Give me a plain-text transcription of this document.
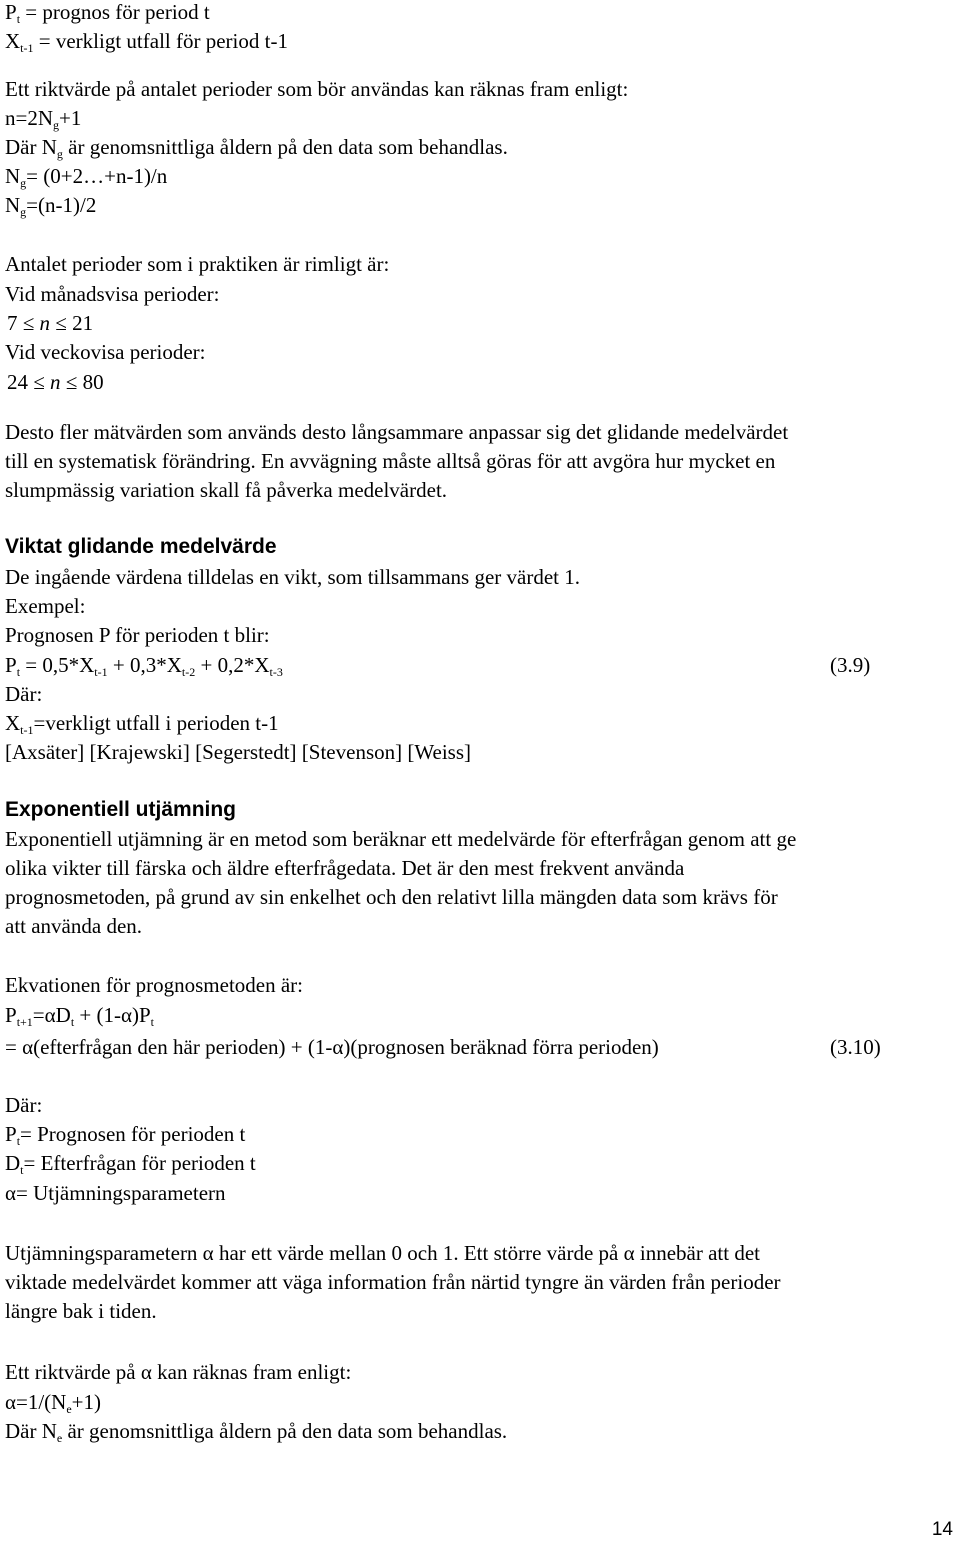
$P_t$ = prognos för period t
$X_{t-1}$ = verkligt utfall för period t-1
Ett riktvärde på antalet perioder som bör användas kan räknas fram enligt:
$n=2N_g+1$
Där $N_g$ är genomsnittliga åldern på den data som behandlas.
$N_g=$ (0+2…+n-1)/n
$N_g=(n-1)/2$
Antalet perioder som i praktiken är rimligt är:
Vid månadsvisa perioder:
7 ≤ n ≤ 21
Vid veckovisa perioder:
24 ≤ n ≤ 80
Desto fler mätvärden som används desto långsammare anpassar sig det glidande medelvärdet
till en systematisk förändring. En avvägning måste alltså göras för att avgöra hur mycket en
slumpmässig variation skall få påverka medelvärdet.
Viktat glidande medelvärde
De ingående värdena tilldelas en vikt, som tillsammans ger värdet 1.
Exempel:
Prognosen P för perioden t blir:
$P_t = 0,5*X_{t-1} + 0,3*X_{t-2} + 0,2*X_{t-3}$	(3.9)
Där:
$X_{t-1}=verkligt$ utfall i perioden t-1
[Axsäter] [Krajewski] [Segerstedt] [Stevenson] [Weiss]
Exponentiell utjämning
Exponentiell utjämning är en metod som beräknar ett medelvärde för efterfrågan genom att ge
olika vikter till färska och äldre efterfrågedata. Det är den mest frekvent använda
prognosmetoden, på grund av sin enkelhet och den relativt lilla mängden data som krävs för
att använda den.
Ekvationen för prognosmetoden är:
$P_{t+1}=\alpha D_t + (1-\alpha)P_t$
= α(efterfrågan den här perioden) + (1-α)(prognosen beräknad förra perioden)	(3.10)
Där:
$P_t=$ Prognosen för perioden t
$D_t=$ Efterfrågan för perioden t
α= Utjämningsparametern
Utjämningsparametern α har ett värde mellan 0 och 1. Ett större värde på α innebär att det
viktade medelvärdet kommer att väga information från närtid tyngre än värden från perioder
längre bak i tiden.
Ett riktvärde på α kan räknas fram enligt:
$\alpha=1/(N_e+1)$
Där $N_e$ är genomsnittliga åldern på den data som behandlas.
14
